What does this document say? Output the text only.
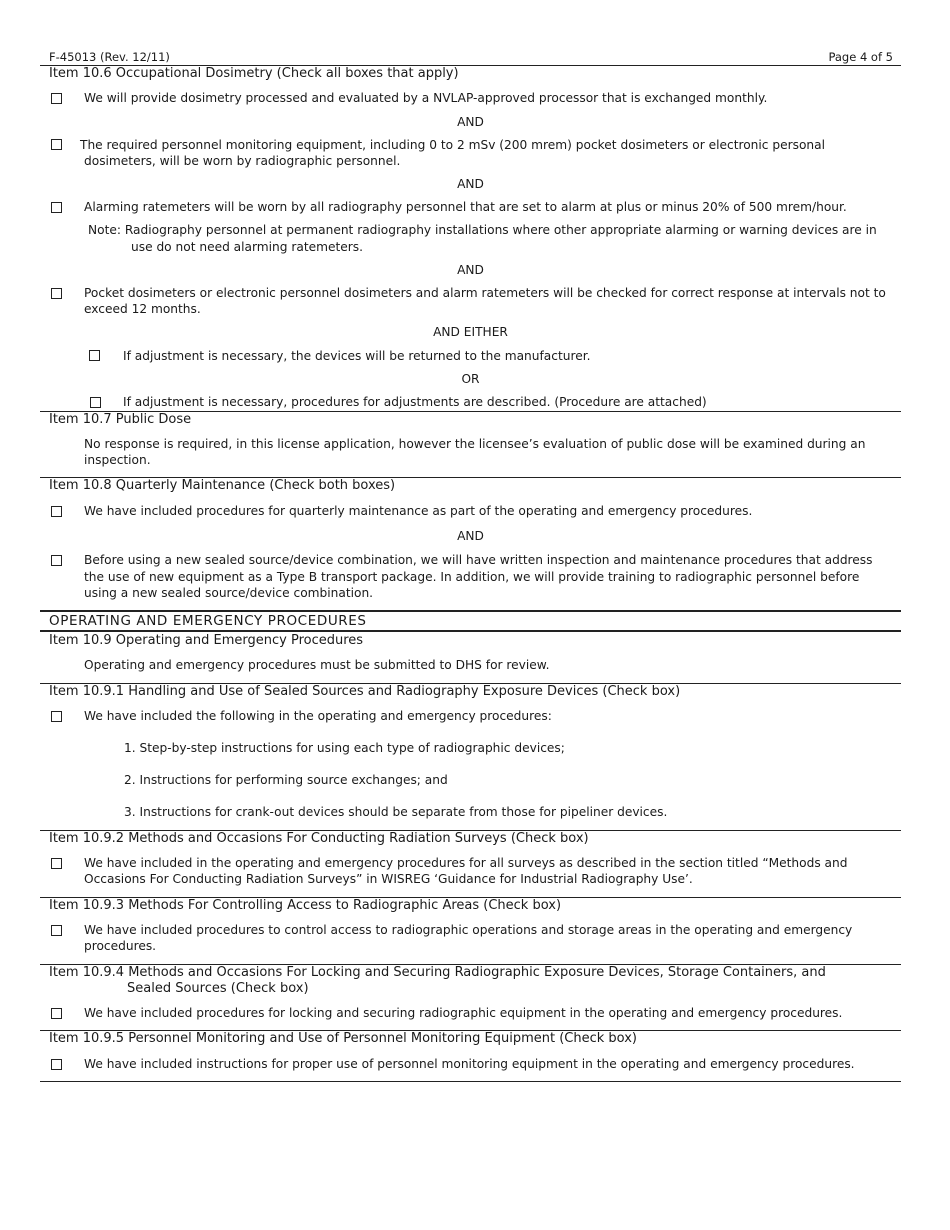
F-45013 (Rev. 12/11)	Page 4 of 5
Item 10.6 Occupational Dosimetry (Check all boxes that apply)
We will provide dosimetry processed and evaluated by a NVLAP-approved processor that is exchanged monthly.
AND
The required personnel monitoring equipment, including 0 to 2 mSv (200 mrem) pocket dosimeters or electronic personal
dosimeters, will be worn by radiographic personnel.
AND
Alarming ratemeters will be worn by all radiography personnel that are set to alarm at plus or minus 20% of 500 mrem/hour.
Note: Radiography personnel at permanent radiography installations where other appropriate alarming or warning devices are in
use do not need alarming ratemeters.
AND
Pocket dosimeters or electronic personnel dosimeters and alarm ratemeters will be checked for correct response at intervals not to
exceed 12 months.
AND EITHER
If adjustment is necessary, the devices will be returned to the manufacturer.
OR
If adjustment is necessary, procedures for adjustments are described. (Procedure are attached)
Item 10.7 Public Dose
No response is required, in this license application, however the licensee’s evaluation of public dose will be examined during an
inspection.
Item 10.8 Quarterly Maintenance (Check both boxes)
We have included procedures for quarterly maintenance as part of the operating and emergency procedures.
AND
Before using a new sealed source/device combination, we will have written inspection and maintenance procedures that address
the use of new equipment as a Type B transport package. In addition, we will provide training to radiographic personnel before
using a new sealed source/device combination.
OPERATING AND EMERGENCY PROCEDURES
Item 10.9 Operating and Emergency Procedures
Operating and emergency procedures must be submitted to DHS for review.
Item 10.9.1 Handling and Use of Sealed Sources and Radiography Exposure Devices (Check box)
We have included the following in the operating and emergency procedures:
1. Step-by-step instructions for using each type of radiographic devices;
2. Instructions for performing source exchanges; and
3. Instructions for crank-out devices should be separate from those for pipeliner devices.
Item 10.9.2 Methods and Occasions For Conducting Radiation Surveys (Check box)
We have included in the operating and emergency procedures for all surveys as described in the section titled “Methods and
Occasions For Conducting Radiation Surveys” in WISREG ‘Guidance for Industrial Radiography Use’.
Item 10.9.3 Methods For Controlling Access to Radiographic Areas (Check box)
We have included procedures to control access to radiographic operations and storage areas in the operating and emergency
procedures.
Item 10.9.4 Methods and Occasions For Locking and Securing Radiographic Exposure Devices, Storage Containers, and
Sealed Sources (Check box)
We have included procedures for locking and securing radiographic equipment in the operating and emergency procedures.
Item 10.9.5 Personnel Monitoring and Use of Personnel Monitoring Equipment (Check box)
We have included instructions for proper use of personnel monitoring equipment in the operating and emergency procedures.
